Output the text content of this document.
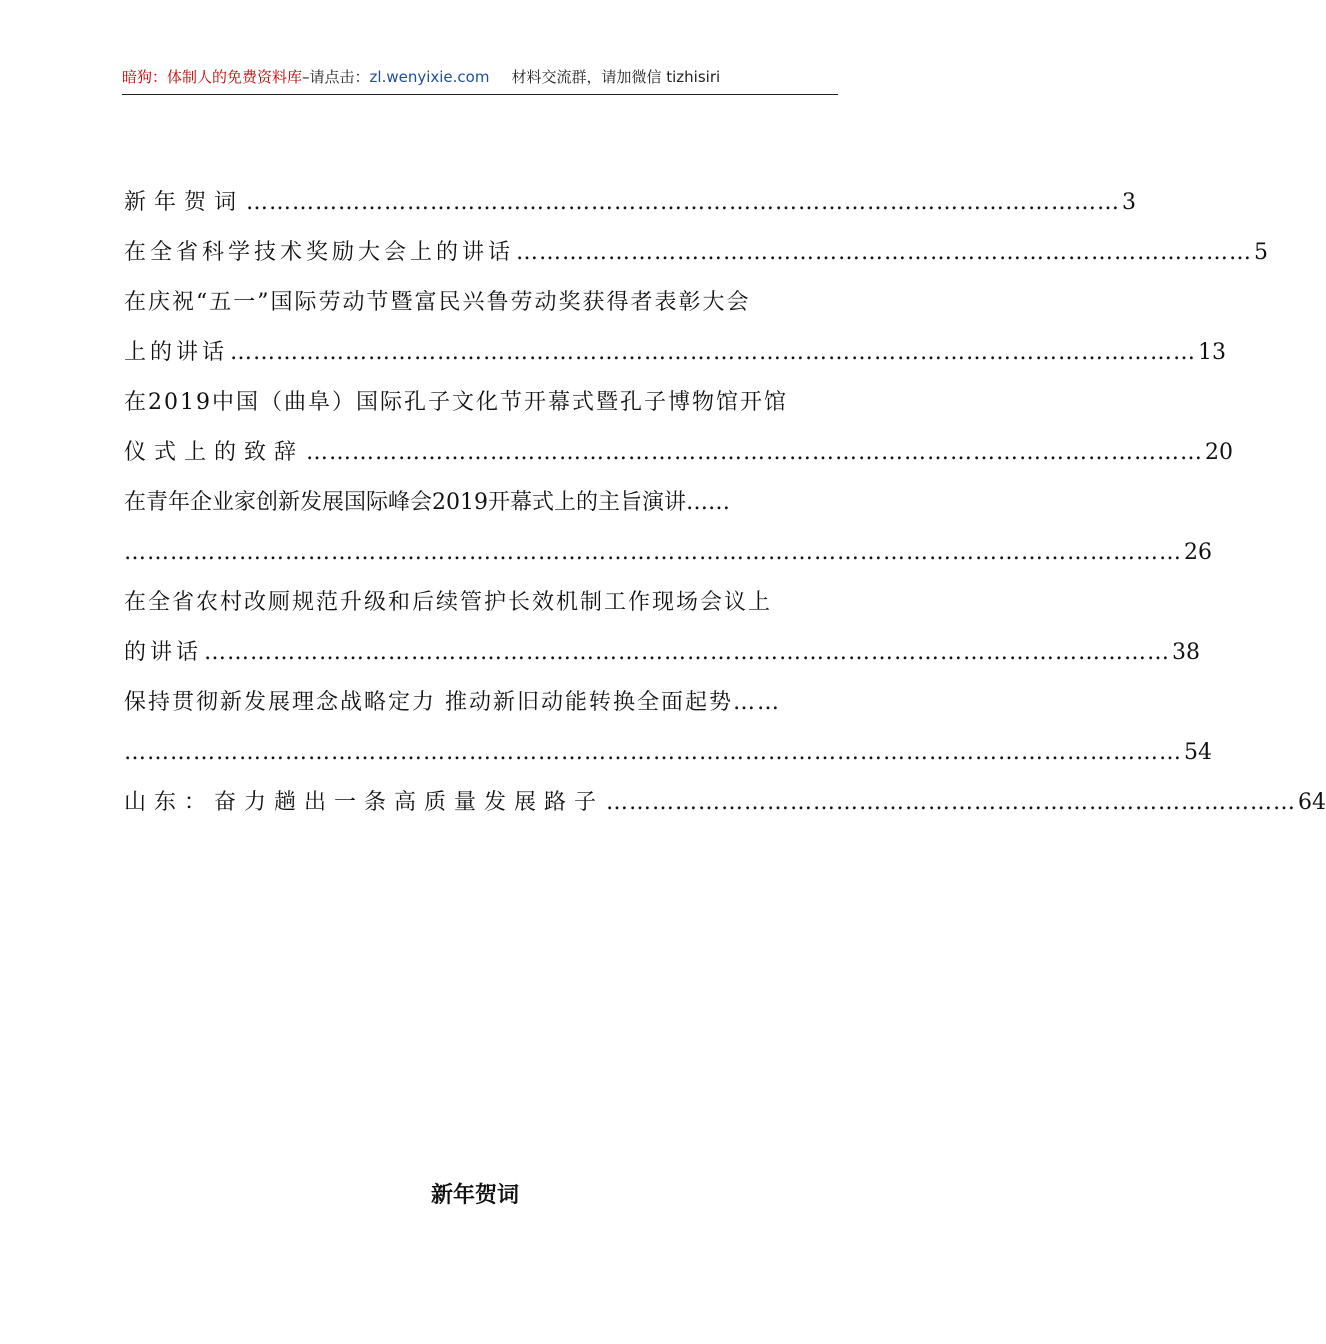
暗狗：体制人的免费资料库–请点击：zl.wenyixie.com 材料交流群，请加微信 tizhisiri
新年贺词 …………………………………………………………………………………………………… 3
在全省科学技术奖励大会上的讲话 …………………………………………………………………………………… 5
在庆祝“五一”国际劳动节暨富民兴鲁劳动奖获得者表彰大会
上的讲话 ……………………………………………………………………………………………………………… 13
在2019中国（曲阜）国际孔子文化节开幕式暨孔子博物馆开馆
仪式上的致辞 ……………………………………………………………………………………………………… 20
在青年企业家创新发展国际峰会2019开幕式上的主旨演讲……
………………………………………………………………………………………………………………………… 26
在全省农村改厕规范升级和后续管护长效机制工作现场会议上
的讲话 ……………………………………………………………………………………………………………… 38
保持贯彻新发展理念战略定力 推动新旧动能转换全面起势……
………………………………………………………………………………………………………………………… 54
山东：奋力趟出一条高质量发展路子 ……………………………………………………………………………… 64
新年贺词
